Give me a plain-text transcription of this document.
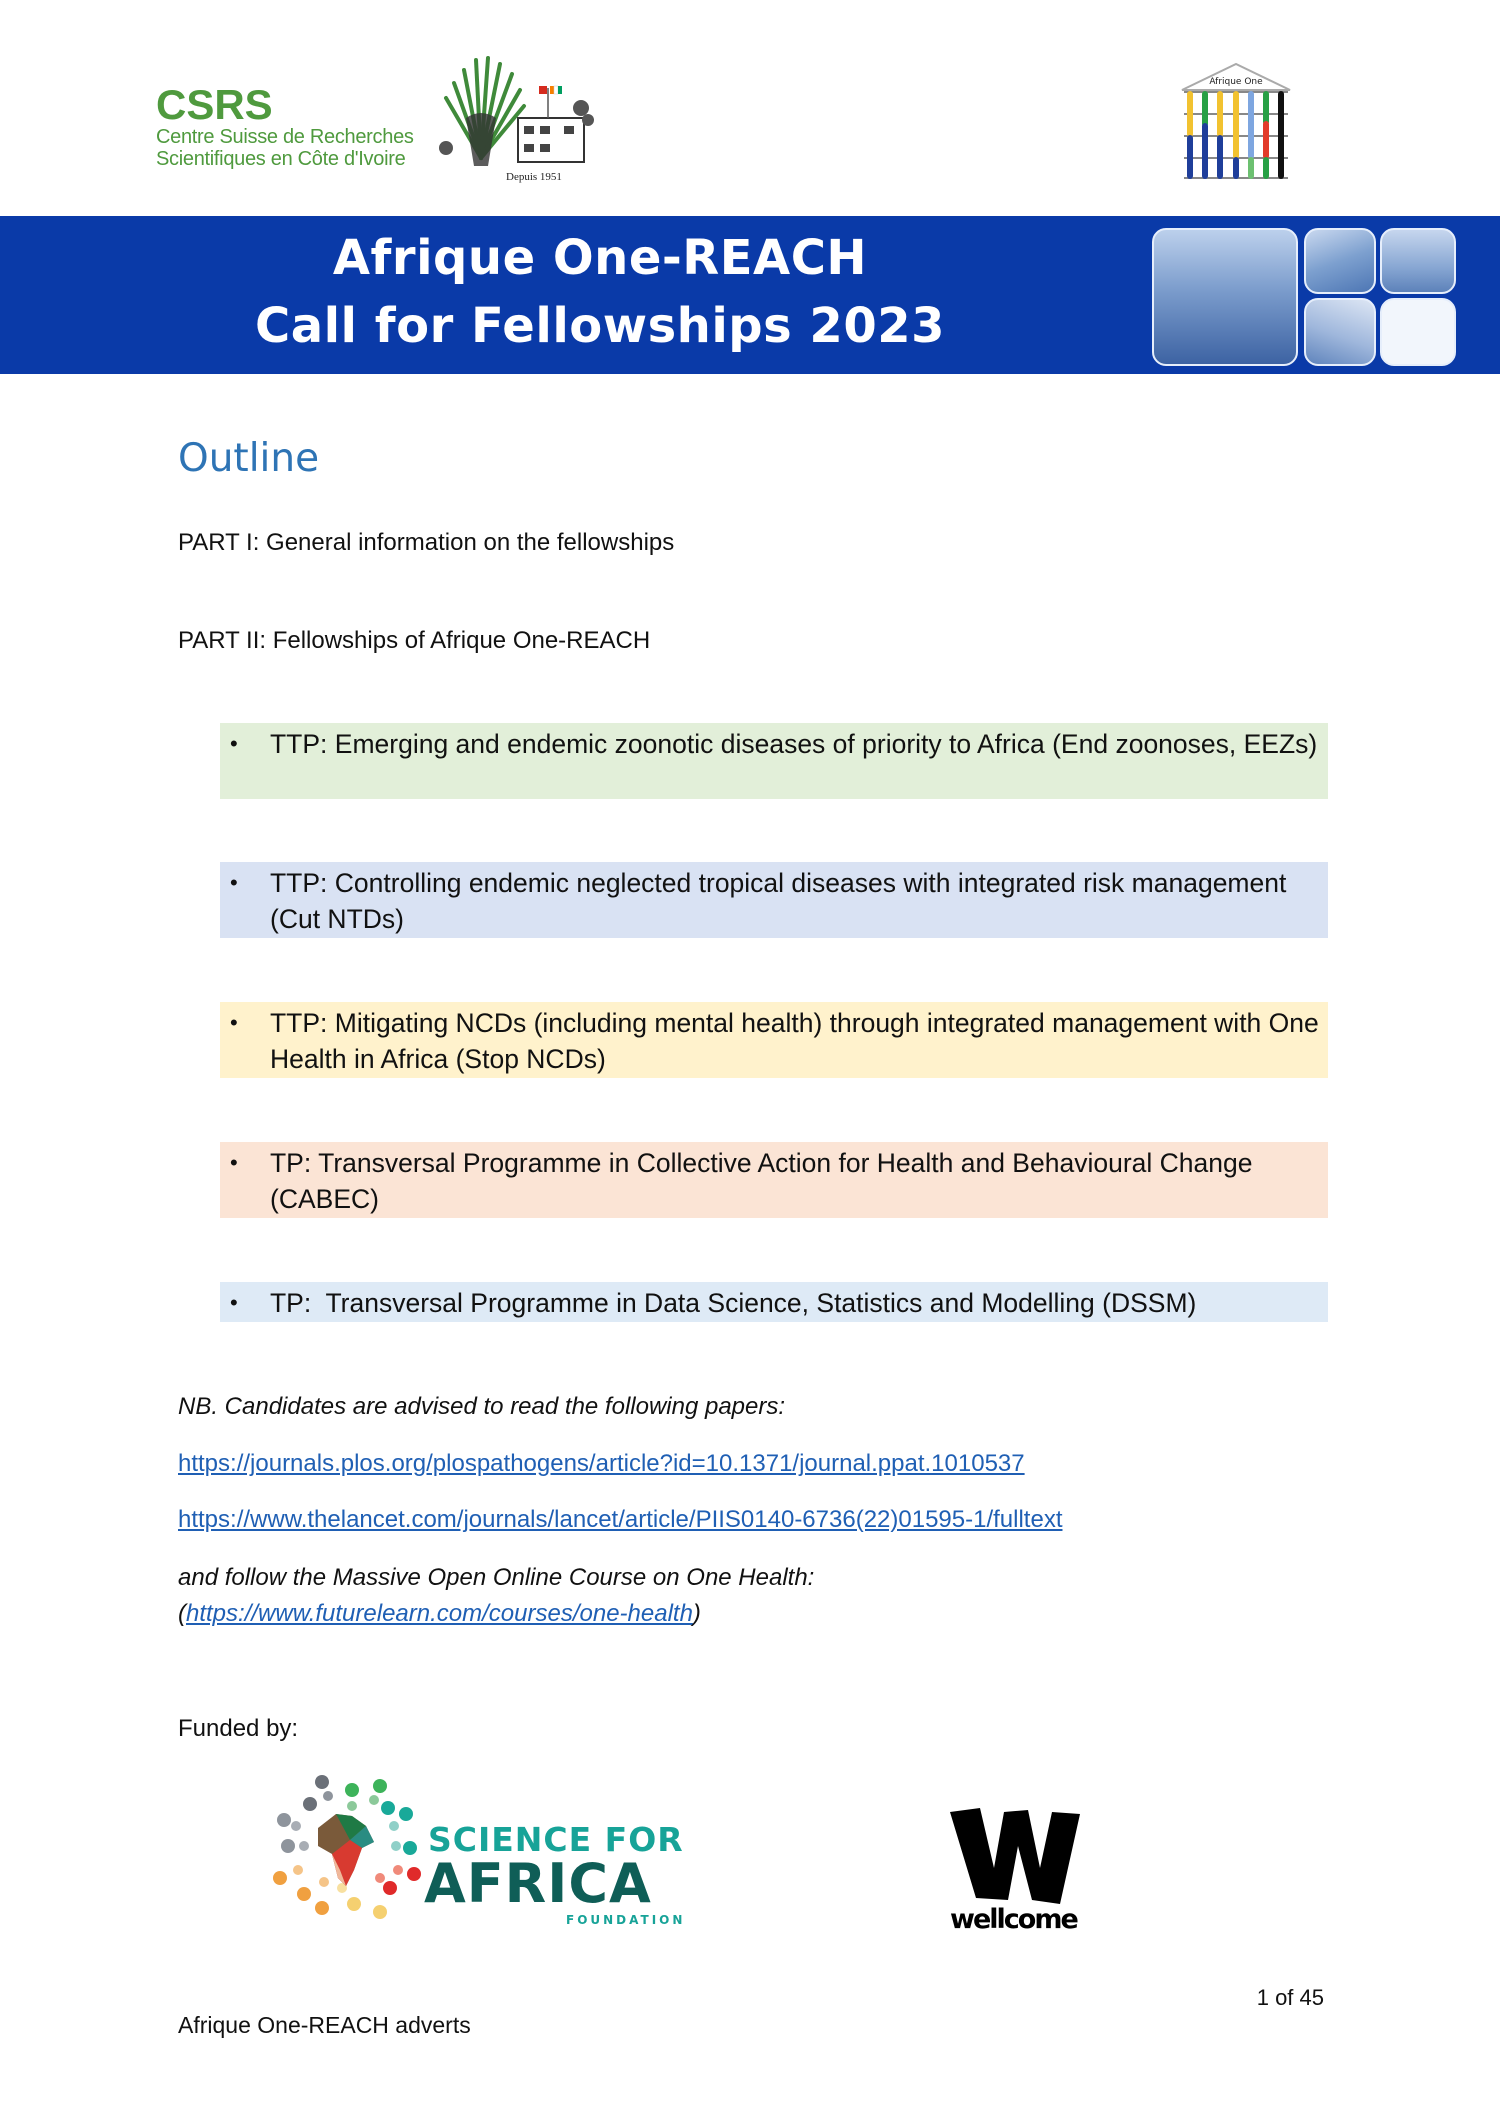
CSRS
Centre Suisse de Recherches
Scientifiques en Côte d'Ivoire
Depuis 1951
Afrique One
Afrique One-REACH
Call for Fellowships 2023
Outline
PART I: General information on the fellowships
PART II: Fellowships of Afrique One-REACH
• TTP: Emerging and endemic zoonotic diseases of priority to Africa (End zoonoses, EEZs)
• TTP: Controlling endemic neglected tropical diseases with integrated risk management (Cut NTDs)
• TTP: Mitigating NCDs (including mental health) through integrated management with One Health in Africa (Stop NCDs)
• TP: Transversal Programme in Collective Action for Health and Behavioural Change (CABEC)
• TP:  Transversal Programme in Data Science, Statistics and Modelling (DSSM)
NB. Candidates are advised to read the following papers:
https://journals.plos.org/plospathogens/article?id=10.1371/journal.ppat.1010537
https://www.thelancet.com/journals/lancet/article/PIIS0140-6736(22)01595-1/fulltext
and follow the Massive Open Online Course on One Health:
(https://www.futurelearn.com/courses/one-health)
Funded by:
SCIENCE FOR
AFRICA
FOUNDATION	wellcome
1 of 45
Afrique One-REACH adverts
